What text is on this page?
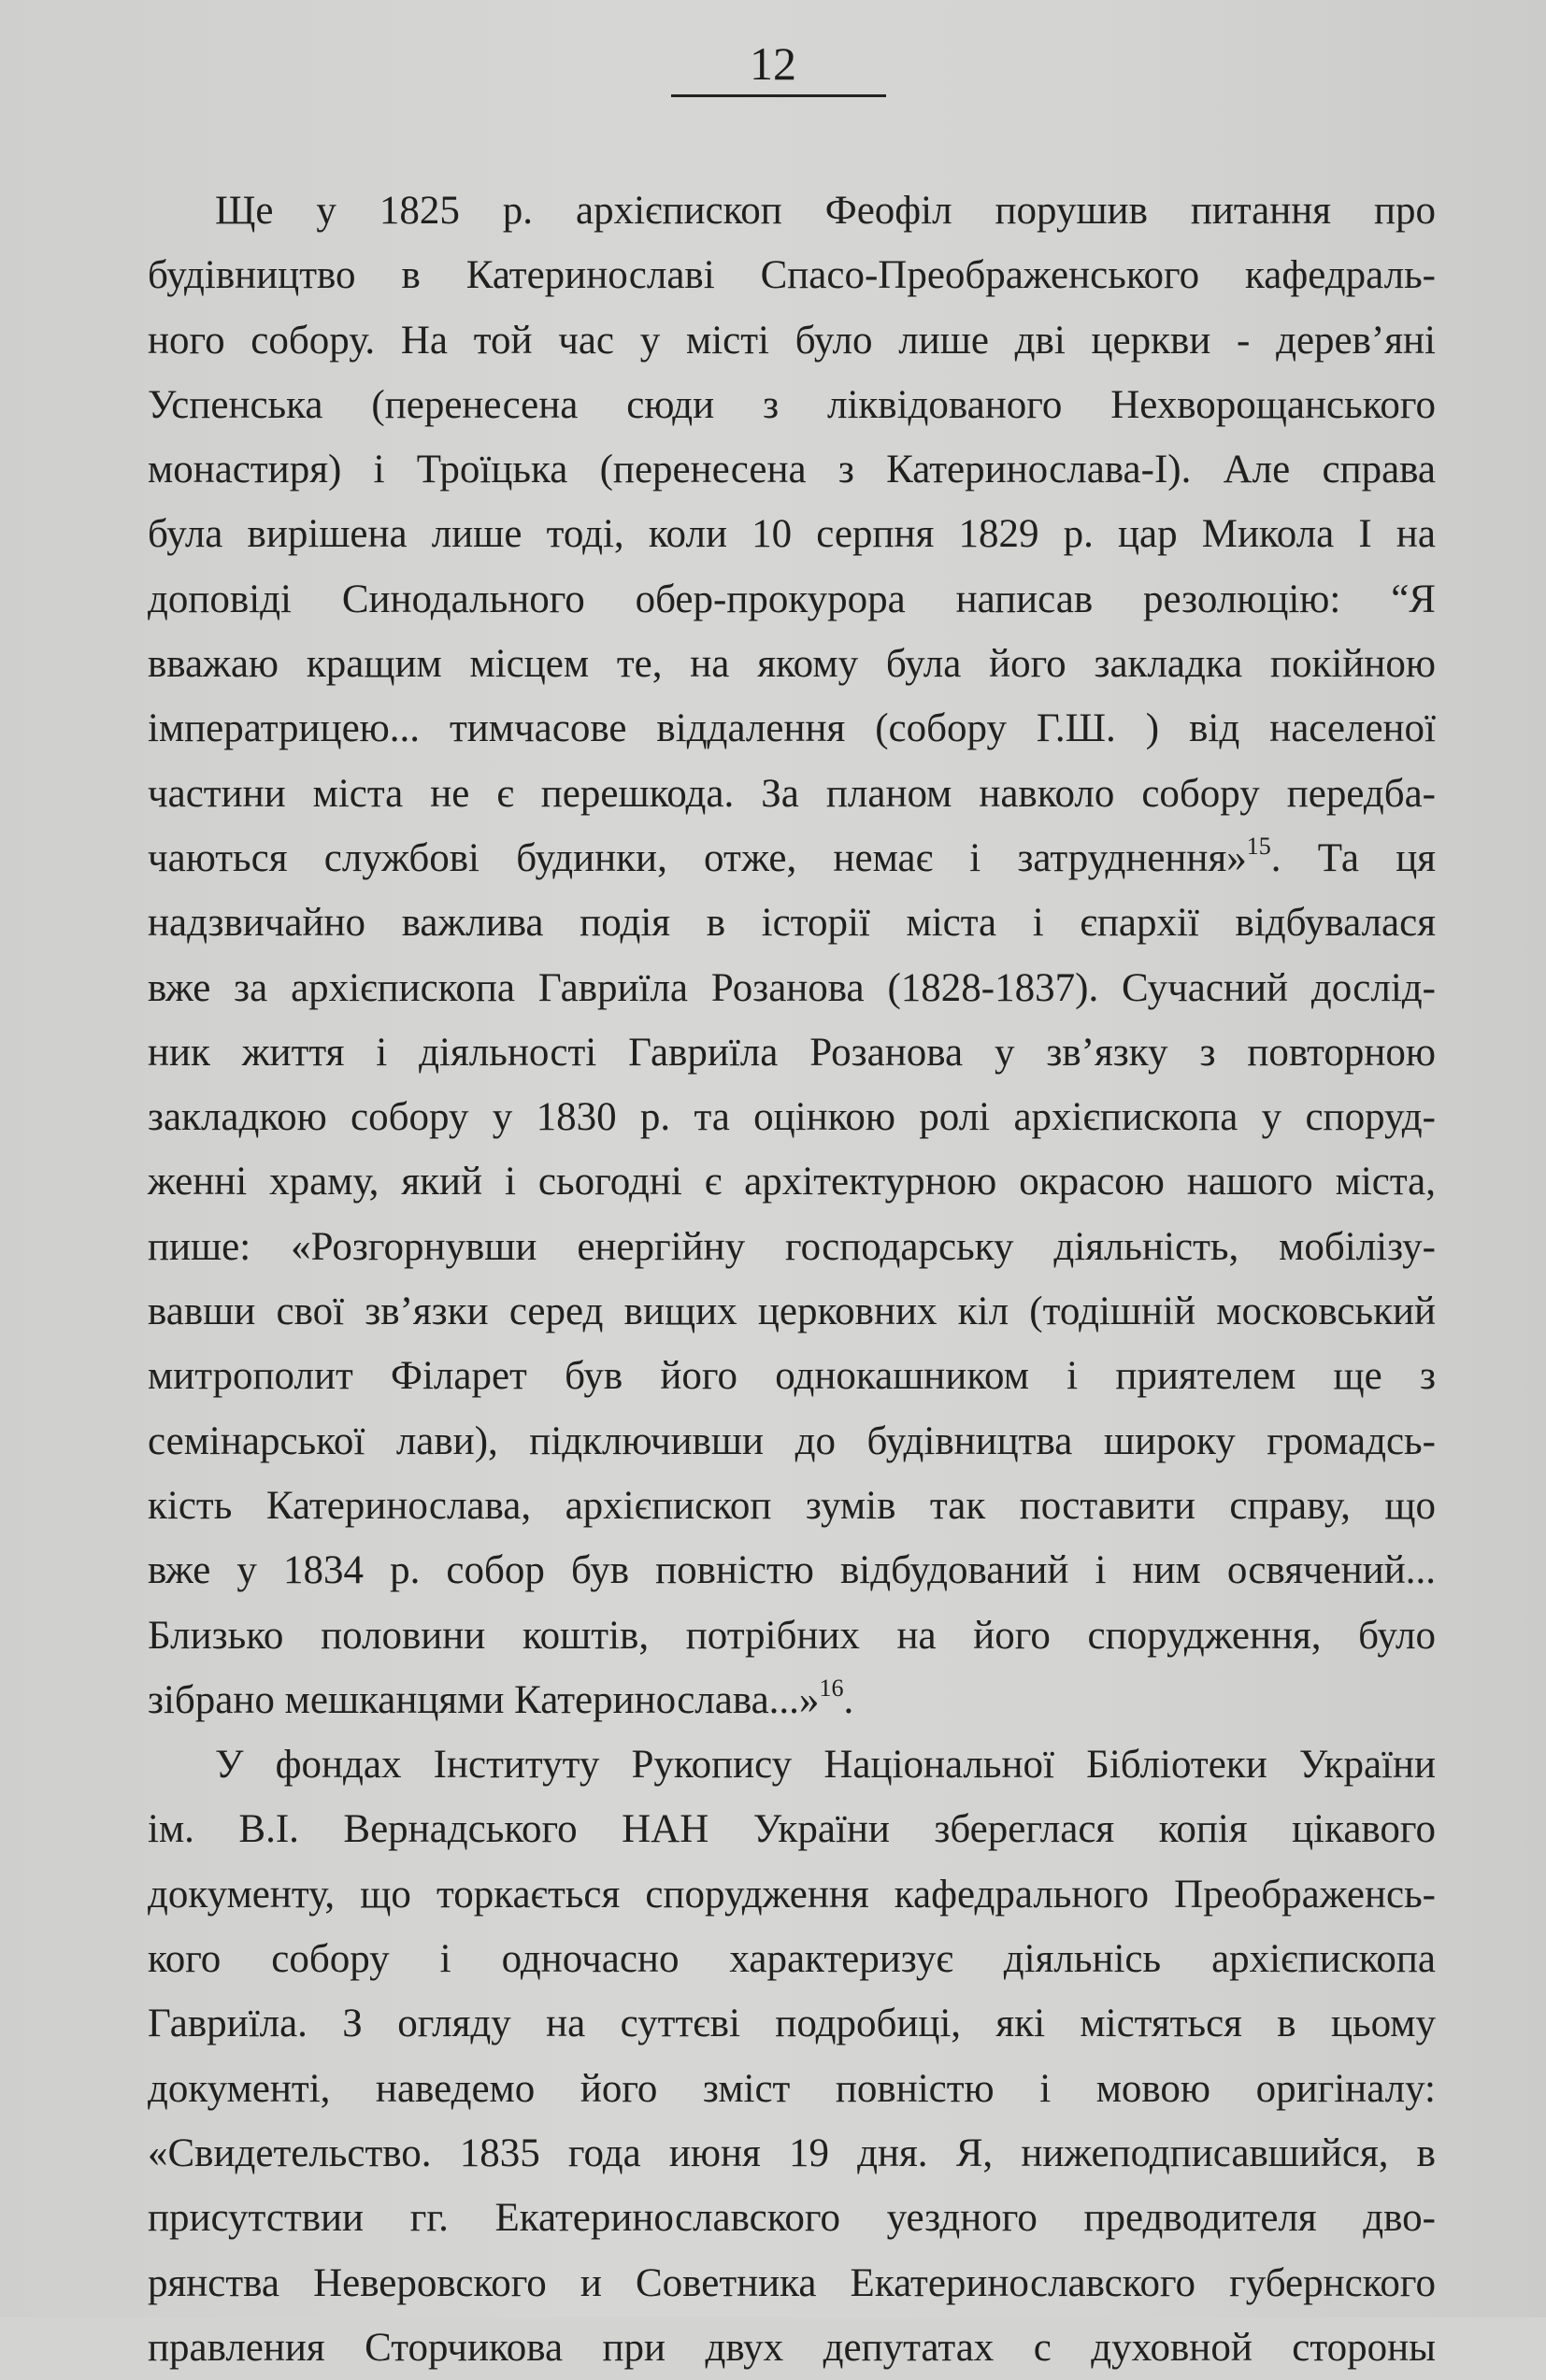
12
Ще у 1825 р. архієпископ Феофіл порушив питання про
будівництво в Катеринославі Спасо-Преображенського кафедраль-
ного собору. На той час у місті було лише дві церкви - дерев’яні
Успенська (перенесена сюди з ліквідованого Нехворощанського
монастиря) і Троїцька (перенесена з Катеринослава-І). Але справа
була вирішена лише тоді, коли 10 серпня 1829 р. цар Микола І на
доповіді Синодального обер-прокурора написав резолюцію: “Я
вважаю кращим місцем те, на якому була його закладка покійною
імператрицею... тимчасове віддалення (собору Г.Ш. ) від населеної
частини міста не є перешкода. За планом навколо собору передба-
чаються службові будинки, отже, немає і затруднення»$^{15}$. Та ця
надзвичайно важлива подія в історії міста і єпархії відбувалася
вже за архієпископа Гавриїла Розанова (1828-1837). Сучасний дослід-
ник життя і діяльності Гавриїла Розанова у зв’язку з повторною
закладкою собору у 1830 р. та оцінкою ролі архієпископа у споруд-
женні храму, який і сьогодні є архітектурною окрасою нашого міста,
пише: «Розгорнувши енергійну господарську діяльність, мобілізу-
вавши свої зв’язки серед вищих церковних кіл (тодішній московський
митрополит Філарет був його однокашником і приятелем ще з
семінарської лави), підключивши до будівництва широку громадсь-
кість Катеринослава, архієпископ зумів так поставити справу, що
вже у 1834 р. собор був повністю відбудований і ним освячений...
Близько половини коштів, потрібних на його спорудження, було
зібрано мешканцями Катеринослава...»$^{16}$.
У фондах Інституту Рукопису Національної Бібліотеки України
ім. В.І. Вернадського НАН України збереглася копія цікавого
документу, що торкається спорудження кафедрального Преображенсь-
кого собору і одночасно характеризує діяльнісь архієпископа
Гавриїла. З огляду на суттєві подробиці, які містяться в цьому
документі, наведемо його зміст повністю і мовою оригіналу:
«Свидетельство. 1835 года июня 19 дня. Я, нижеподписавшийся, в
присутствии гг. Екатеринославского уездного предводителя дво-
рянства Неверовского и Советника Екатеринославского губернского
правления Сторчикова при двух депутатах с духовной стороны
